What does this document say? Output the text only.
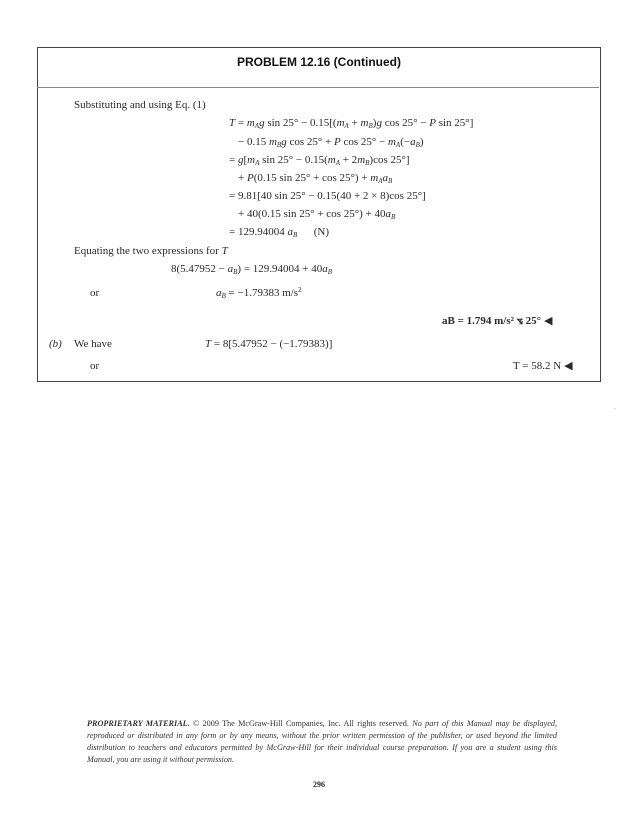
PROBLEM 12.16 (Continued)
Substituting and using Eq. (1)
$T = m_Ag$ $\sin 25^\circ - 0.15[(m_A + m_B)g$ cos 25° − P sin 25°]
− 0.15 $m_Bg$ cos 25° + P $\cos 25^\circ - m_A(-a_B)$
= $g[m_A$ $\sin 25^\circ - 0.15(m_A + 2m_B)\cos$ 25°]
+ P(0.15 $\sin 25^\circ + \cos 25^\circ) + m_Aa_B$
= 9.81[40 sin 25° − 0.15(40 + 2 × 8)cos 25°]
+ 40(0.15 $\sin 25^\circ + \cos 25^\circ) + 40a_B$
= 129.94004 $a_B$      (N)
Equating the two expressions for T
$8(5.47952 - a_B) = 129.94004 + 40a_B$
or	$a_B = -1.79383$ $m/s^2$
aB = 1.794 m/s² ⦪ 25° ◀
(b) We have	T = 8[5.47952 − (−1.79383)]
or	T = 58.2 N ◀
‧
PROPRIETARY MATERIAL. © 2009 The McGraw-Hill Companies, Inc. All rights reserved. No part of this Manual may be displayed, reproduced or distributed in any form or by any means, without the prior written permission of the publisher, or used beyond the limited distribution to teachers and educators permitted by McGraw-Hill for their individual course preparation. If you are a student using this Manual, you are using it without permission.
296
